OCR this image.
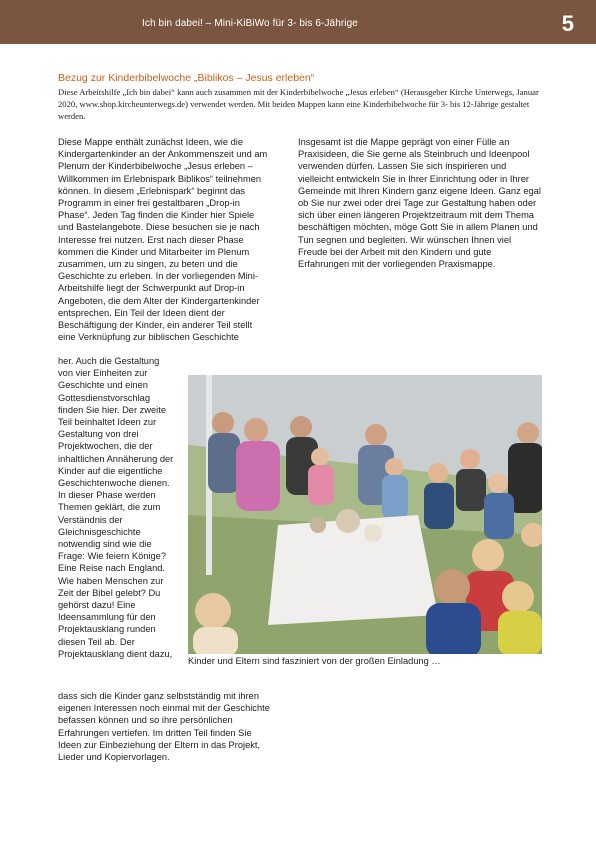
Ich bin dabei! – Mini-KiBiWo für 3- bis 6-Jährige	5
Bezug zur Kinderbibelwoche „Biblikos – Jesus erleben“

Diese Arbeitshilfe „Ich bin dabei“ kann auch zusammen mit der Kinderbibelwoche „Jesus erleben“ (Herausgeber Kirche Unterwegs, Januar 2020, www.shop.kircheunterwegs.de) verwendet werden. Mit beiden Mappen kann eine Kinderbibelwoche für 3- bis 12-Jährige gestaltet werden.

Diese Mappe enthält zunächst Ideen, wie die Kindergartenkinder an der Ankommenszeit und am Plenum der Kinderbibelwoche „Jesus erleben – Willkommen im Erlebnispark Biblikos“ teilnehmen können. In diesem „Erlebnispark“ beginnt das Programm in einer frei gestaltbaren „Drop-in Phase“. Jeden Tag finden die Kinder hier Spiele und Bastelangebote. Diese besuchen sie je nach Interesse frei nutzen. Erst nach dieser Phase kommen die Kinder und Mitarbeiter im Plenum zusammen, um zu singen, zu beten und die Geschichte zu erleben. In der vorliegenden Mini-Arbeitshilfe liegt der Schwerpunkt auf Drop-in Angeboten, die dem Alter der Kindergartenkinder entsprechen. Ein Teil der Ideen dient der Beschäftigung der Kinder, ein anderer Teil stellt eine Verknüpfung zur biblischen Geschichte

her. Auch die Gestaltung von vier Einheiten zur Geschichte und einen Gottesdienstvorschlag finden Sie hier. Der zweite Teil beinhaltet Ideen zur Gestaltung von drei Projektwochen, die der inhaltlichen Annäherung der Kinder auf die eigentliche Geschichtenwoche dienen. In dieser Phase werden Themen geklärt, die zum Verständnis der Gleichnisgeschichte notwendig sind wie die Frage: Wie feiern Könige? Eine Reise nach England. Wie haben Menschen zur Zeit der Bibel gelebt? Du gehörst dazu! Eine Ideensammlung für den Projektausklang runden diesen Teil ab. Der Projektausklang dient dazu,

dass sich die Kinder ganz selbstständig mit ihren eigenen Interessen noch einmal mit der Geschichte befassen können und so ihre persönlichen Erfahrungen vertiefen. Im dritten Teil finden Sie Ideen zur Einbeziehung der Eltern in das Projekt, Lieder und Kopiervorlagen.

Insgesamt ist die Mappe geprägt von einer Fülle an Praxisideen, die Sie gerne als Steinbruch und Ideenpool verwenden dürfen. Lassen Sie sich inspirieren und vielleicht entwickeln Sie in Ihrer Einrichtung oder in Ihrer Gemeinde mit Ihren Kindern ganz eigene Ideen. Ganz egal ob Sie nur zwei oder drei Tage zur Gestaltung haben oder sich über einen längeren Projektzeitraum mit dem Thema beschäftigen möchten, möge Gott Sie in allem Planen und Tun segnen und begleiten. Wir wünschen Ihnen viel Freude bei der Arbeit mit den Kindern und gute Erfahrungen mit der vorliegenden Praxismappe.

Kinder und Eltern sind fasziniert von der großen Einladung …
